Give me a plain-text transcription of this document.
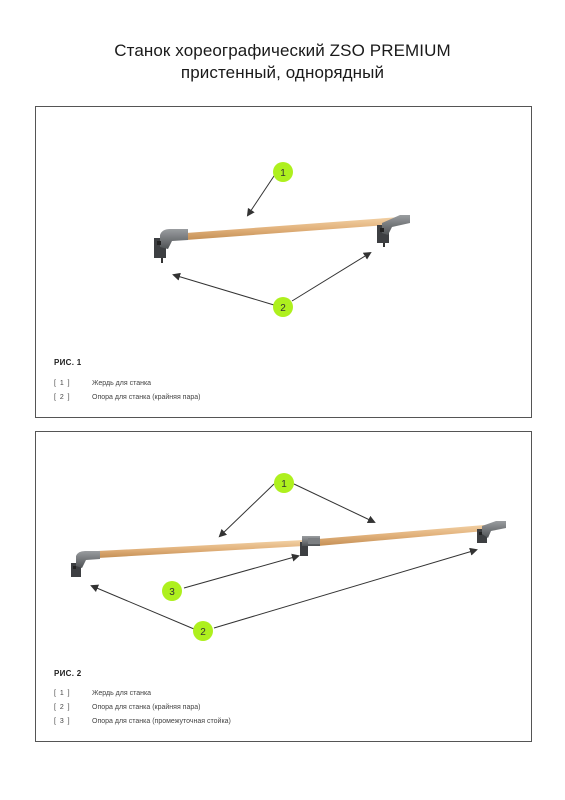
Станок хореографический ZSO PREMIUM
пристенный, однорядный
1
2
РИС. 1
[  1  ]	Жердь для станка
[  2  ]	Опора для станка (крайняя пара)
1
3
2
РИС. 2
[  1  ]	Жердь для станка
[  2  ]	Опора для станка (крайняя пара)
[  3  ]	Опора для станка (промежуточная стойка)
